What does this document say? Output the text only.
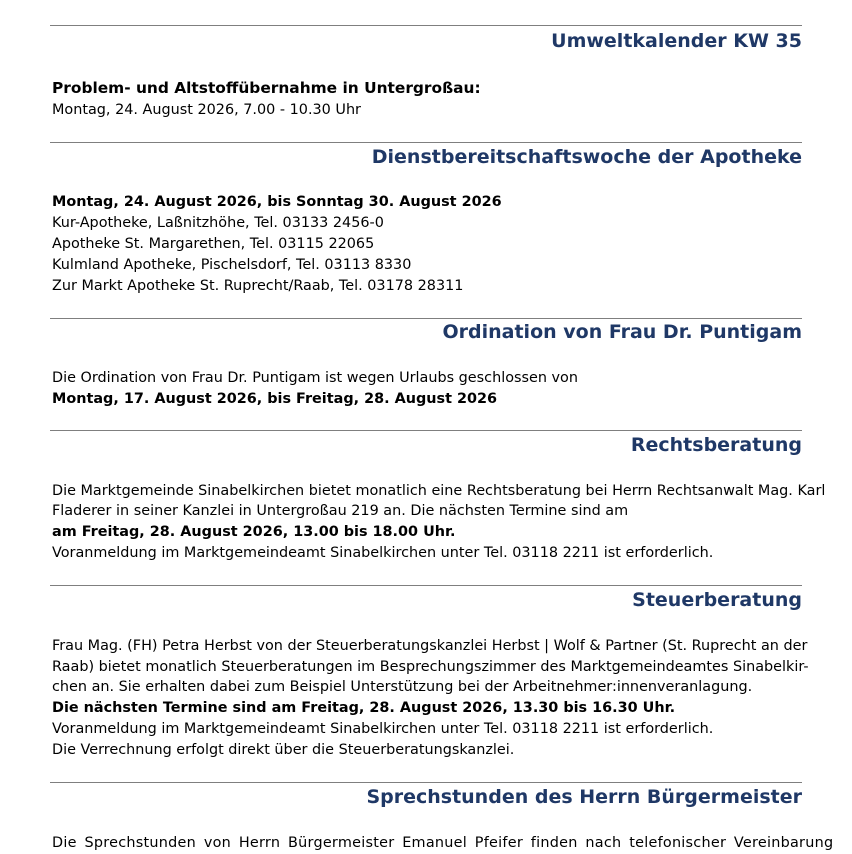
Umweltkalender KW 35
Problem- und Altstoffübernahme in Untergroßau:
Montag, 24. August 2026, 7.00 - 10.30 Uhr
Dienstbereitschaftswoche der Apotheke
Montag, 24. August 2026, bis Sonntag 30. August 2026
Kur-Apotheke, Laßnitzhöhe, Tel. 03133 2456-0
Apotheke St. Margarethen, Tel. 03115 22065
Kulmland Apotheke, Pischelsdorf, Tel. 03113 8330
Zur Markt Apotheke St. Ruprecht/Raab, Tel. 03178 28311
Ordination von Frau Dr. Puntigam
Die Ordination von Frau Dr. Puntigam ist wegen Urlaubs geschlossen von
Montag, 17. August 2026, bis Freitag, 28. August 2026
Rechtsberatung
Die Marktgemeinde Sinabelkirchen bietet monatlich eine Rechtsberatung bei Herrn Rechtsanwalt Mag. Karl
Fladerer in seiner Kanzlei in Untergroßau 219 an. Die nächsten Termine sind am
am Freitag, 28. August 2026, 13.00 bis 18.00 Uhr.
Voranmeldung im Marktgemeindeamt Sinabelkirchen unter Tel. 03118 2211 ist erforderlich.
Steuerberatung
Frau Mag. (FH) Petra Herbst von der Steuerberatungskanzlei Herbst | Wolf & Partner (St. Ruprecht an der
Raab) bietet monatlich Steuerberatungen im Besprechungszimmer des Marktgemeindeamtes Sinabelkir-
chen an. Sie erhalten dabei zum Beispiel Unterstützung bei der Arbeitnehmer:innenveranlagung.
Die nächsten Termine sind am Freitag, 28. August 2026, 13.30 bis 16.30 Uhr.
Voranmeldung im Marktgemeindeamt Sinabelkirchen unter Tel. 03118 2211 ist erforderlich.
Die Verrechnung erfolgt direkt über die Steuerberatungskanzlei.
Sprechstunden des Herrn Bürgermeister
Die Sprechstunden von Herrn Bürgermeister Emanuel Pfeifer finden nach telefonischer Vereinbarung
